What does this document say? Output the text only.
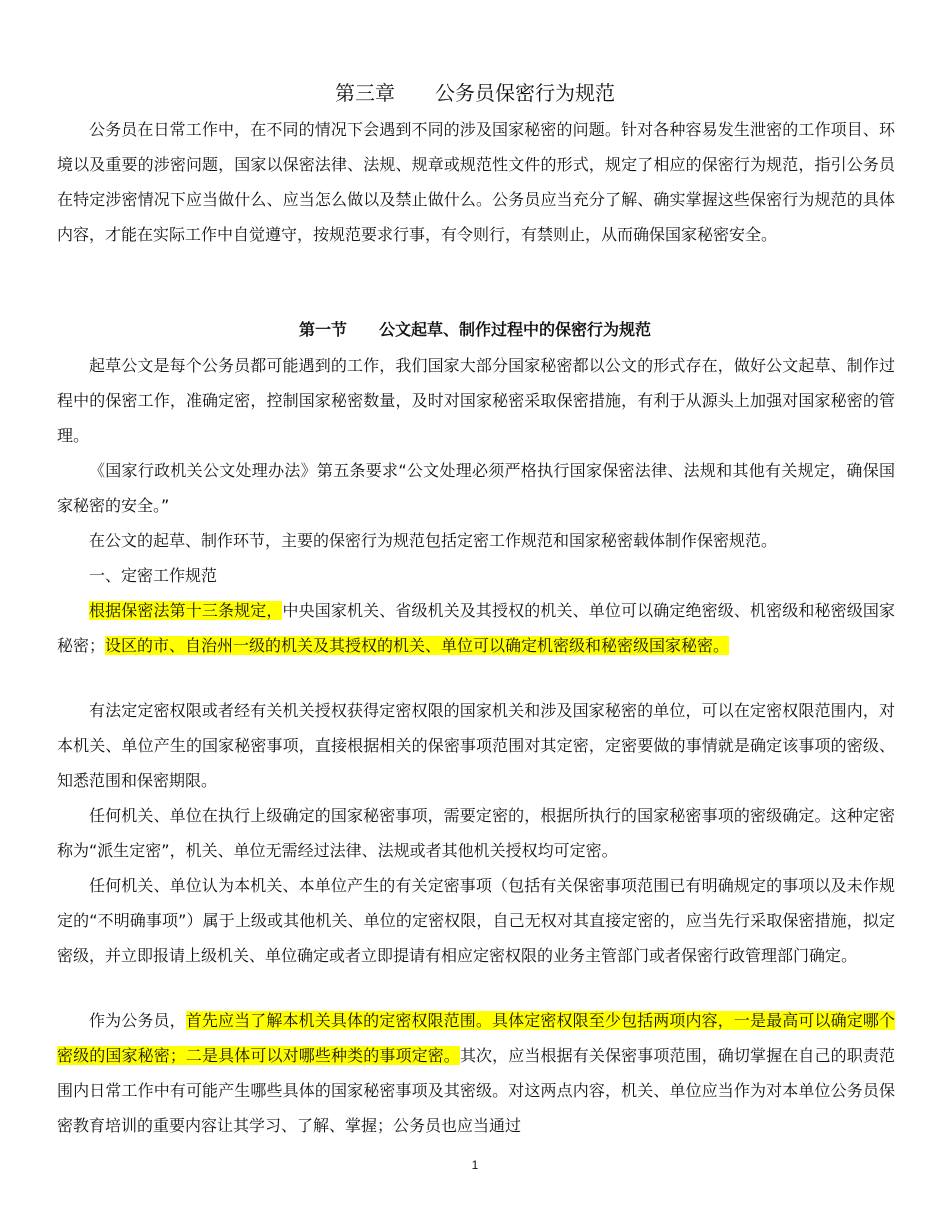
第三章　　公务员保密行为规范

公务员在日常工作中，在不同的情况下会遇到不同的涉及国家秘密的问题。针对各种容易发生泄密的工作项目、环境以及重要的涉密问题，国家以保密法律、法规、规章或规范性文件的形式，规定了相应的保密行为规范，指引公务员在特定涉密情况下应当做什么、应当怎么做以及禁止做什么。公务员应当充分了解、确实掌握这些保密行为规范的具体内容，才能在实际工作中自觉遵守，按规范要求行事，有令则行，有禁则止，从而确保国家秘密安全。

第一节　　公文起草、制作过程中的保密行为规范

起草公文是每个公务员都可能遇到的工作，我们国家大部分国家秘密都以公文的形式存在，做好公文起草、制作过程中的保密工作，准确定密，控制国家秘密数量，及时对国家秘密采取保密措施，有利于从源头上加强对国家秘密的管理。

《国家行政机关公文处理办法》第五条要求“公文处理必须严格执行国家保密法律、法规和其他有关规定，确保国家秘密的安全。”

在公文的起草、制作环节，主要的保密行为规范包括定密工作规范和国家秘密载体制作保密规范。

一、定密工作规范

根据保密法第十三条规定，中央国家机关、省级机关及其授权的机关、单位可以确定绝密级、机密级和秘密级国家秘密；设区的市、自治州一级的机关及其授权的机关、单位可以确定机密级和秘密级国家秘密。

有法定定密权限或者经有关机关授权获得定密权限的国家机关和涉及国家秘密的单位，可以在定密权限范围内，对本机关、单位产生的国家秘密事项，直接根据相关的保密事项范围对其定密，定密要做的事情就是确定该事项的密级、知悉范围和保密期限。

任何机关、单位在执行上级确定的国家秘密事项，需要定密的，根据所执行的国家秘密事项的密级确定。这种定密称为“派生定密”，机关、单位无需经过法律、法规或者其他机关授权均可定密。

任何机关、单位认为本机关、本单位产生的有关定密事项（包括有关保密事项范围已有明确规定的事项以及未作规定的“不明确事项”）属于上级或其他机关、单位的定密权限，自己无权对其直接定密的，应当先行采取保密措施，拟定密级，并立即报请上级机关、单位确定或者立即提请有相应定密权限的业务主管部门或者保密行政管理部门确定。

作为公务员，首先应当了解本机关具体的定密权限范围。具体定密权限至少包括两项内容，一是最高可以确定哪个密级的国家秘密；二是具体可以对哪些种类的事项定密。其次，应当根据有关保密事项范围，确切掌握在自己的职责范围内日常工作中有可能产生哪些具体的国家秘密事项及其密级。对这两点内容，机关、单位应当作为对本单位公务员保密教育培训的重要内容让其学习、了解、掌握；公务员也应当通过

1
